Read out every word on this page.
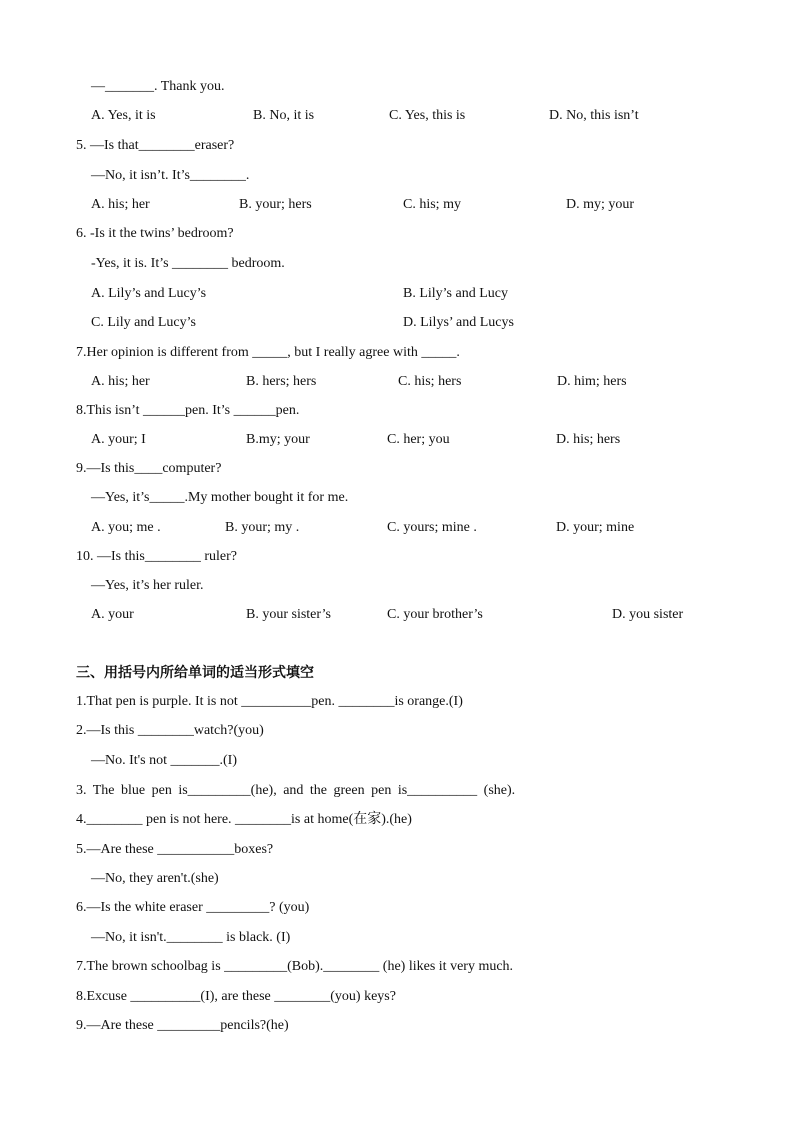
—_______. Thank you.
A. Yes, it is	B. No, it is	C. Yes, this is	D. No, this isn’t
5. —Is that________eraser?
—No, it isn’t. It’s________.
A. his; her	B. your; hers	C. his; my	D. my; your
6. -Is it the twins’ bedroom?
-Yes, it is. It’s ________ bedroom.
A. Lily’s and Lucy’s	B. Lily’s and Lucy
C. Lily and Lucy’s	D. Lilys’ and Lucys
7.Her opinion is different from _____, but I really agree with _____.
A. his; her	B. hers; hers	C. his; hers	D. him; hers
8.This isn’t ______pen. It’s ______pen.
A. your; I	B.my; your	C. her; you	D. his; hers
9.—Is this____computer?
—Yes, it’s_____.My mother bought it for me.
A. you; me .	B. your; my .	C. yours; mine .	D. your; mine
10. —Is this________ ruler?
—Yes, it’s her ruler.
A. your	B. your sister’s	C. your brother’s	D. you sister
三、用括号内所给单词的适当形式填空
1.That pen is purple. It is not __________pen. ________is orange.(I)
2.—Is this ________watch?(you)
—No. It's not _______.(I)
3. The blue pen is_________(he), and the green pen is__________ (she).
4.________ pen is not here. ________is at home(在家).(he)
5.—Are these ___________boxes?
—No, they aren't.(she)
6.—Is the white eraser _________? (you)
—No, it isn't.________ is black. (I)
7.The brown schoolbag is _________(Bob).________ (he) likes it very much.
8.Excuse __________(I), are these ________(you) keys?
9.—Are these _________pencils?(he)
